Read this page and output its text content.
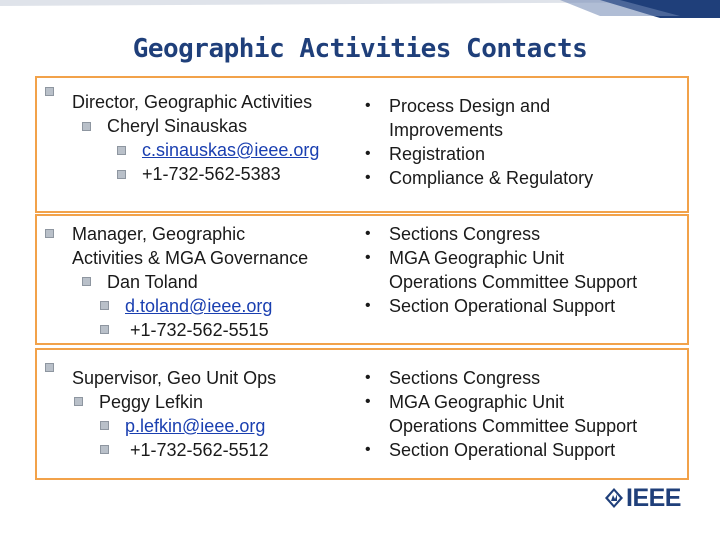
Geographic Activities Contacts
Director, Geographic Activities
Cheryl Sinauskas
c.sinauskas@ieee.org
+1-732-562-5383
• Process Design and
Improvements
• Registration
• Compliance & Regulatory
Manager, Geographic
Activities & MGA Governance
Dan Toland
d.toland@ieee.org
+1-732-562-5515
• Sections Congress
• MGA Geographic Unit
Operations Committee Support
• Section Operational Support
Supervisor, Geo Unit Ops
Peggy Lefkin
p.lefkin@ieee.org
+1-732-562-5512
• Sections Congress
• MGA Geographic Unit
Operations Committee Support
• Section Operational Support
IEEE
